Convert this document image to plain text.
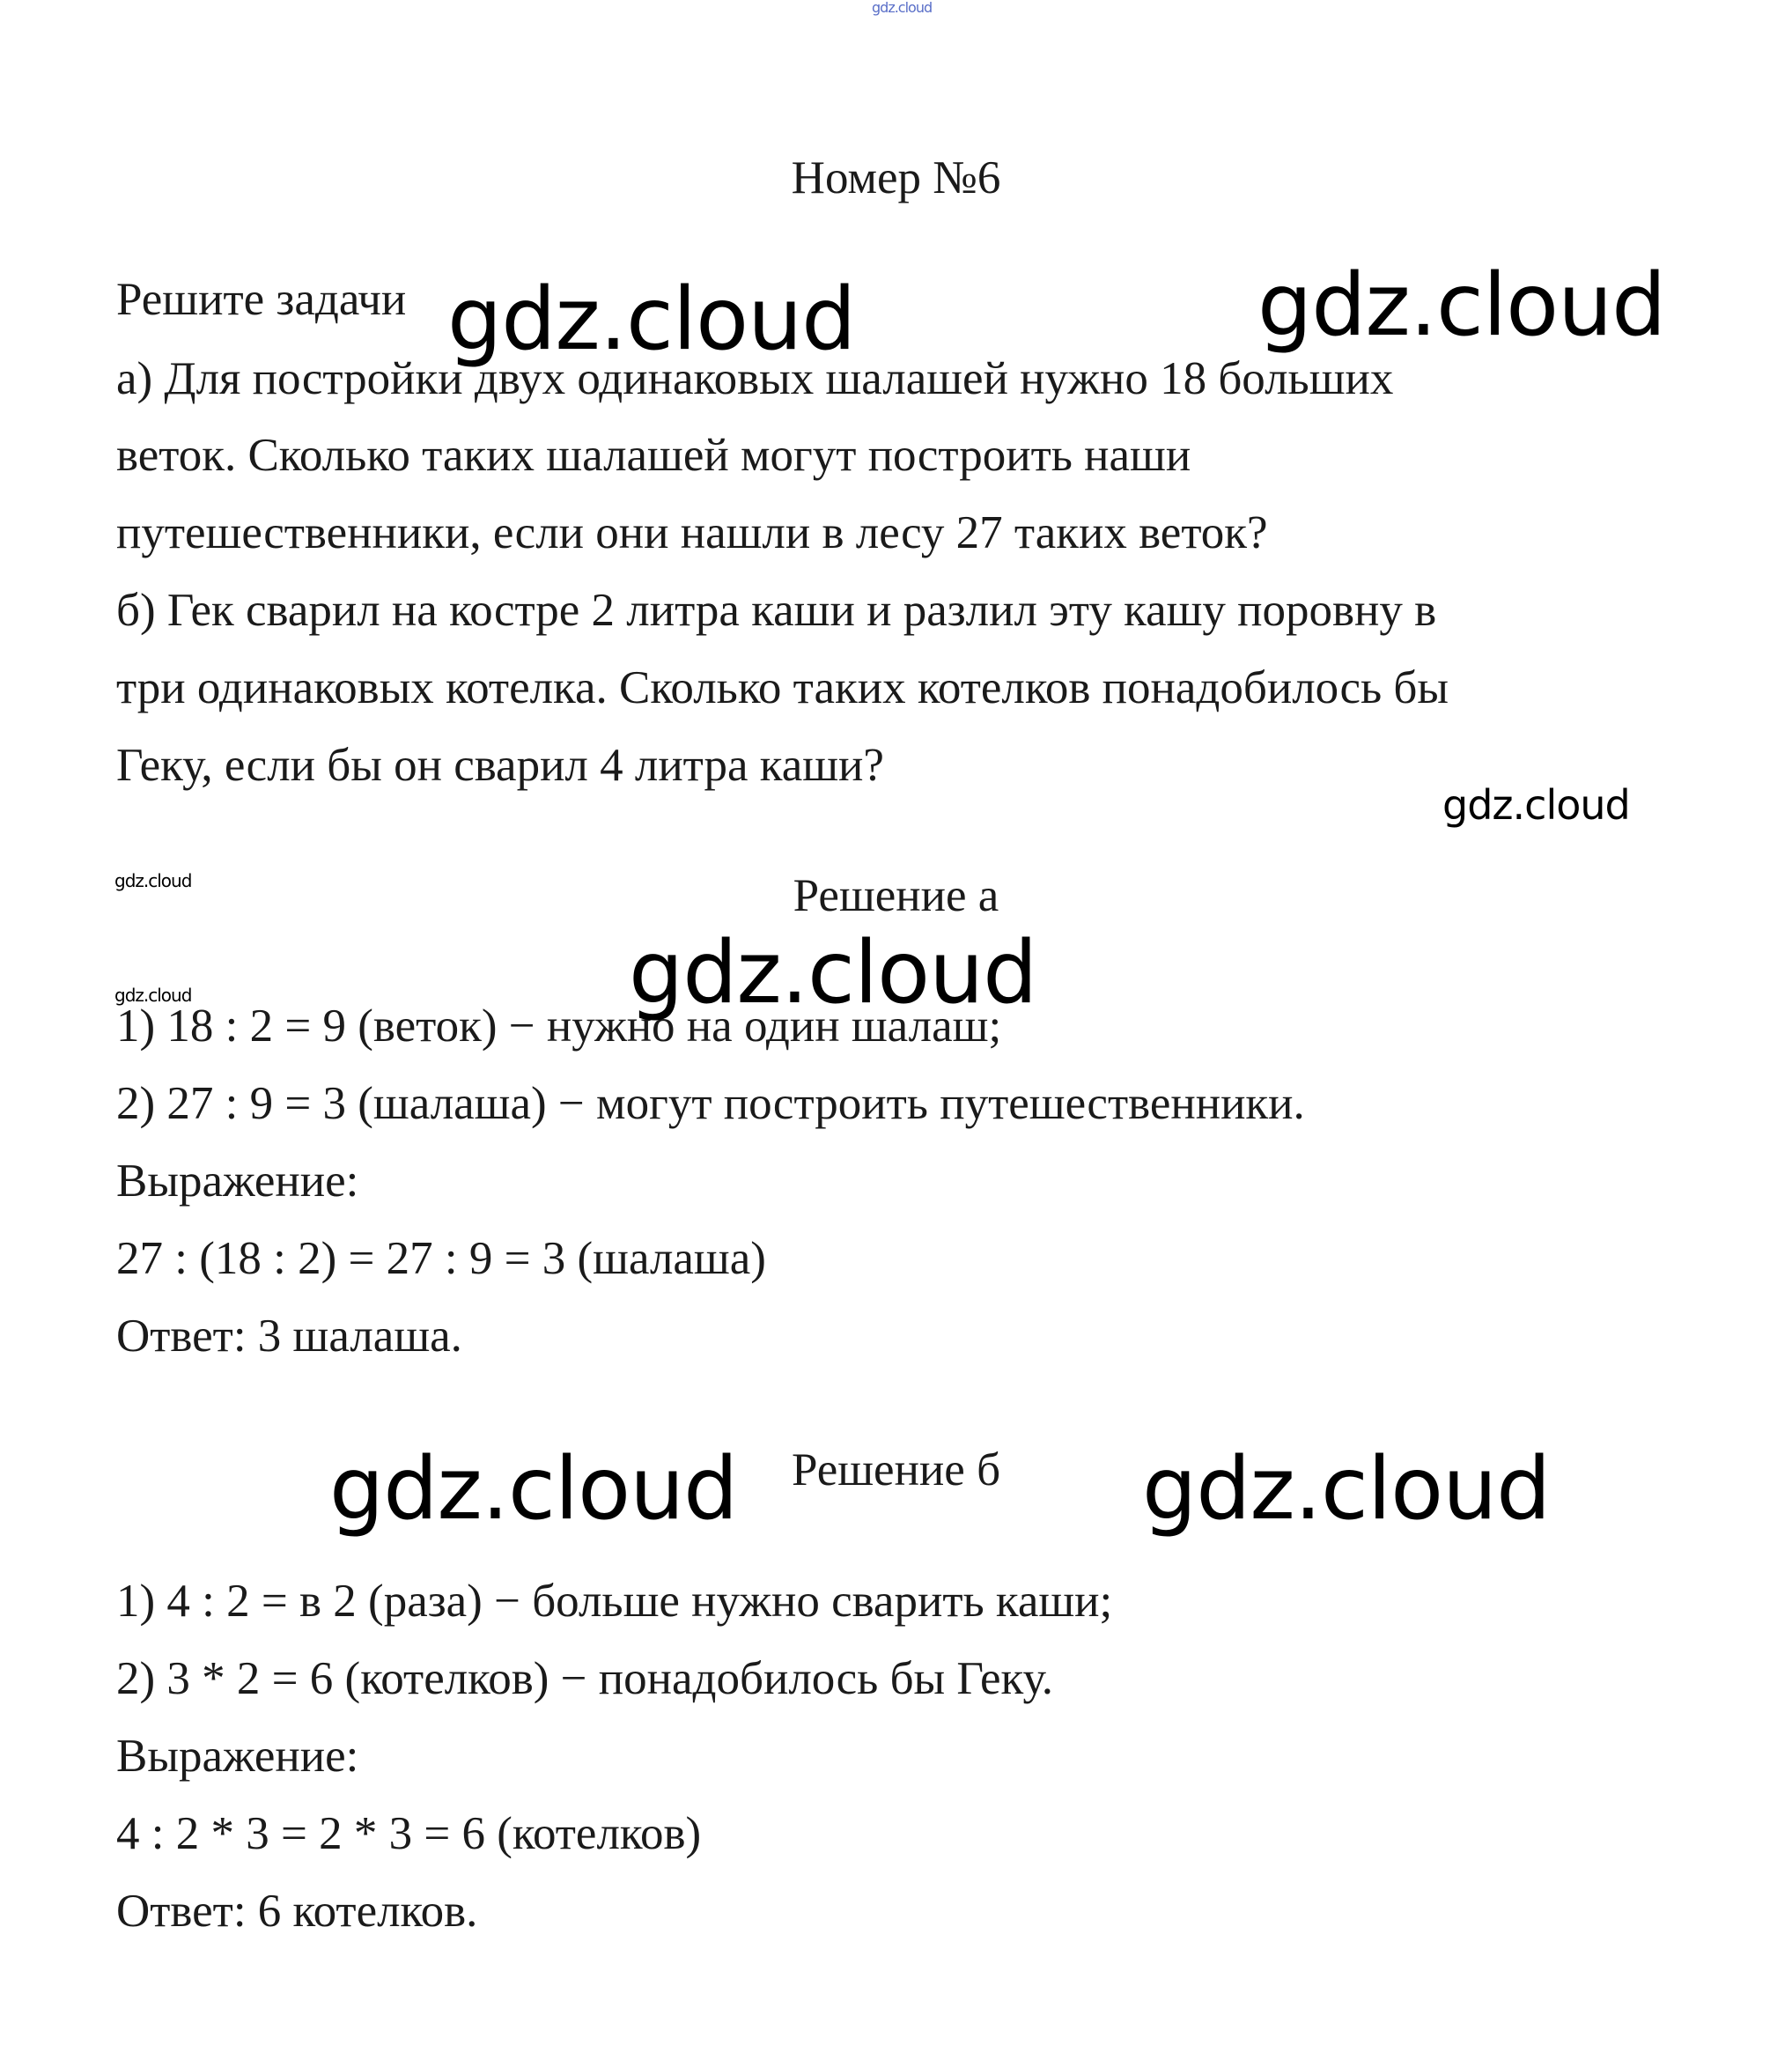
gdz.cloud
Номер №6
Решите задачи
а) Для постройки двух одинаковых шалашей нужно 18 больших
веток. Сколько таких шалашей могут построить наши
путешественники, если они нашли в лесу 27 таких веток?
б) Гек сварил на костре 2 литра каши и разлил эту кашу поровну в
три одинаковых котелка. Сколько таких котелков понадобилось бы
Геку, если бы он сварил 4 литра каши?
Решение а
1) 18 : 2 = 9 (веток) − нужно на один шалаш;
2) 27 : 9 = 3 (шалаша) − могут построить путешественники.
Выражение:
27 : (18 : 2) = 27 : 9 = 3 (шалаша)
Ответ: 3 шалаша.
Решение б
1) 4 : 2 = в 2 (раза) − больше нужно сварить каши;
2) 3 * 2 = 6 (котелков) − понадобилось бы Геку.
Выражение:
4 : 2 * 3 = 2 * 3 = 6 (котелков)
Ответ: 6 котелков.
gdz.cloud	gdz.cloud
gdz.cloud
gdz.cloud
gdz.cloud	gdz.cloud
gdz.cloud	gdz.cloud
